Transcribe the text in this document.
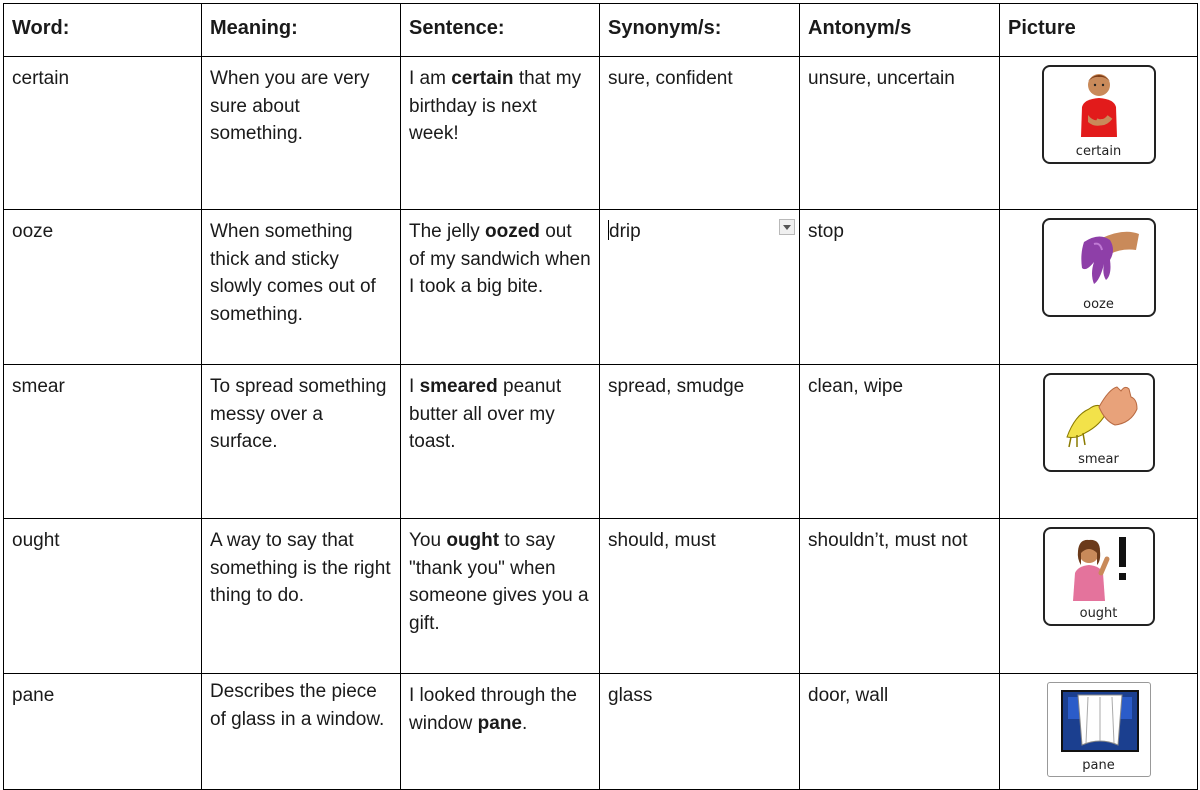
Word:	Meaning:	Sentence:	Synonym/s:	Antonym/s	Picture
certain	When you are very sure about something.	I am certain that my birthday is next week!	sure, confident	unsure, uncertain	certain

ooze	When something thick and sticky slowly comes out of something.	The jelly oozed out of my sandwich when I took a big bite.	drip	stop	ooze

smear	To spread something messy over a surface.	I smeared peanut butter all over my toast.	spread, smudge	clean, wipe	smear

ought	A way to say that something is the right thing to do.	You ought to say "thank you" when someone gives you a gift.	should, must	shouldn’t, must not	ought

pane	Describes the piece of glass in a window.	I looked through the window pane.	glass	door, wall	pane
